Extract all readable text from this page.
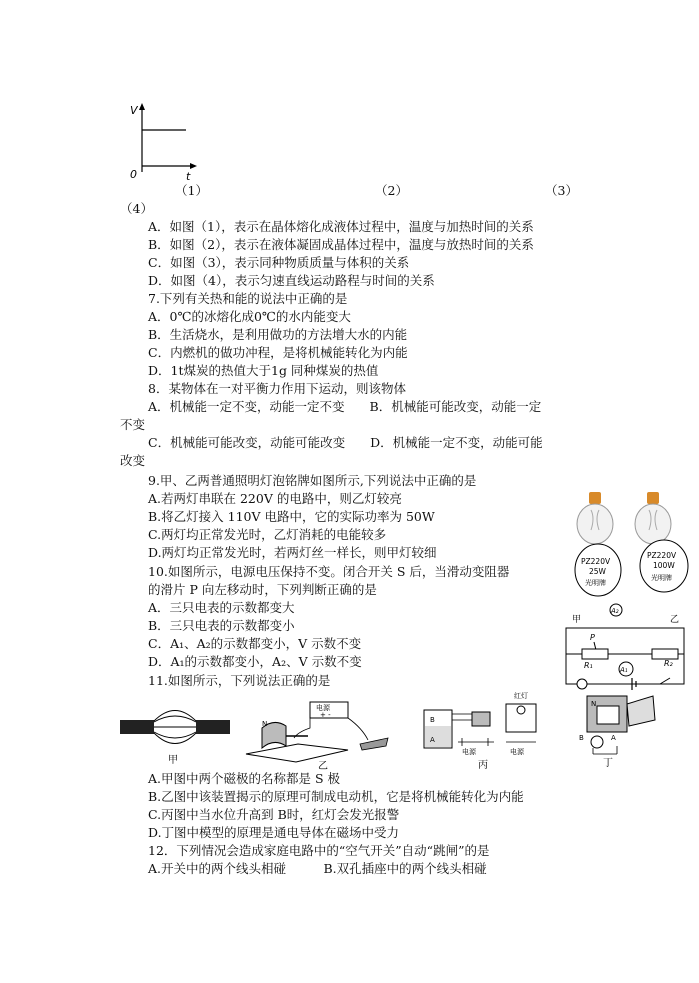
V
t
0
（1）	（2）	（3）
（4）
A．如图（1），表示在晶体熔化成液体过程中，温度与加热时间的关系
B．如图（2），表示在液体凝固成晶体过程中，温度与放热时间的关系
C．如图（3），表示同种物质质量与体积的关系
D．如图（4），表示匀速直线运动路程与时间的关系
7.下列有关热和能的说法中正确的是
A．0℃的冰熔化成0℃的水内能变大
B．生活烧水，是利用做功的方法增大水的内能
C．内燃机的做功冲程，是将机械能转化为内能
D．1t煤炭的热值大于1g 同种煤炭的热值
8．某物体在一对平衡力作用下运动，则该物体
A．机械能一定不变，动能一定不变　　B．机械能可能改变，动能一定
不变
C．机械能可能改变，动能可能改变　　D．机械能一定不变，动能可能
改变
9.甲、乙两普通照明灯泡铭牌如图所示,下列说法中正确的是
A.若两灯串联在 220V 的电路中，则乙灯较亮
B.将乙灯接入 110V 电路中，它的实际功率为 50W
C.两灯均正常发光时，乙灯消耗的电能较多
D.两灯均正常发光时，若两灯丝一样长，则甲灯较细
PZ220V
25W
光明牌
PZ220V
100W
光明牌
10.如图所示，电源电压保持不变。闭合开关 S 后，当滑动变阻器
的滑片 P 向左移动时，下列判断正确的是
A．三只电表的示数都变大
B．三只电表的示数都变小
C．A₁、A₂的示数都变小，V 示数不变
D．A₁的示数都变小，A₂、V 示数不变
A₂
甲	乙
P
R₁	A₁
R₂
11.如图所示，下列说法正确的是
甲
电源
+ -
N
乙
红灯
B
A
电源	电源
丙
N
B	A
丁
A.甲图中两个磁极的名称都是 S 极
B.乙图中该装置揭示的原理可制成电动机，它是将机械能转化为内能
C.丙图中当水位升高到 B时，红灯会发光报警
D.丁图中模型的原理是通电导体在磁场中受力
12．下列情况会造成家庭电路中的“空气开关”自动“跳闸”的是
A.开关中的两个线头相碰　　　B.双孔插座中的两个线头相碰
